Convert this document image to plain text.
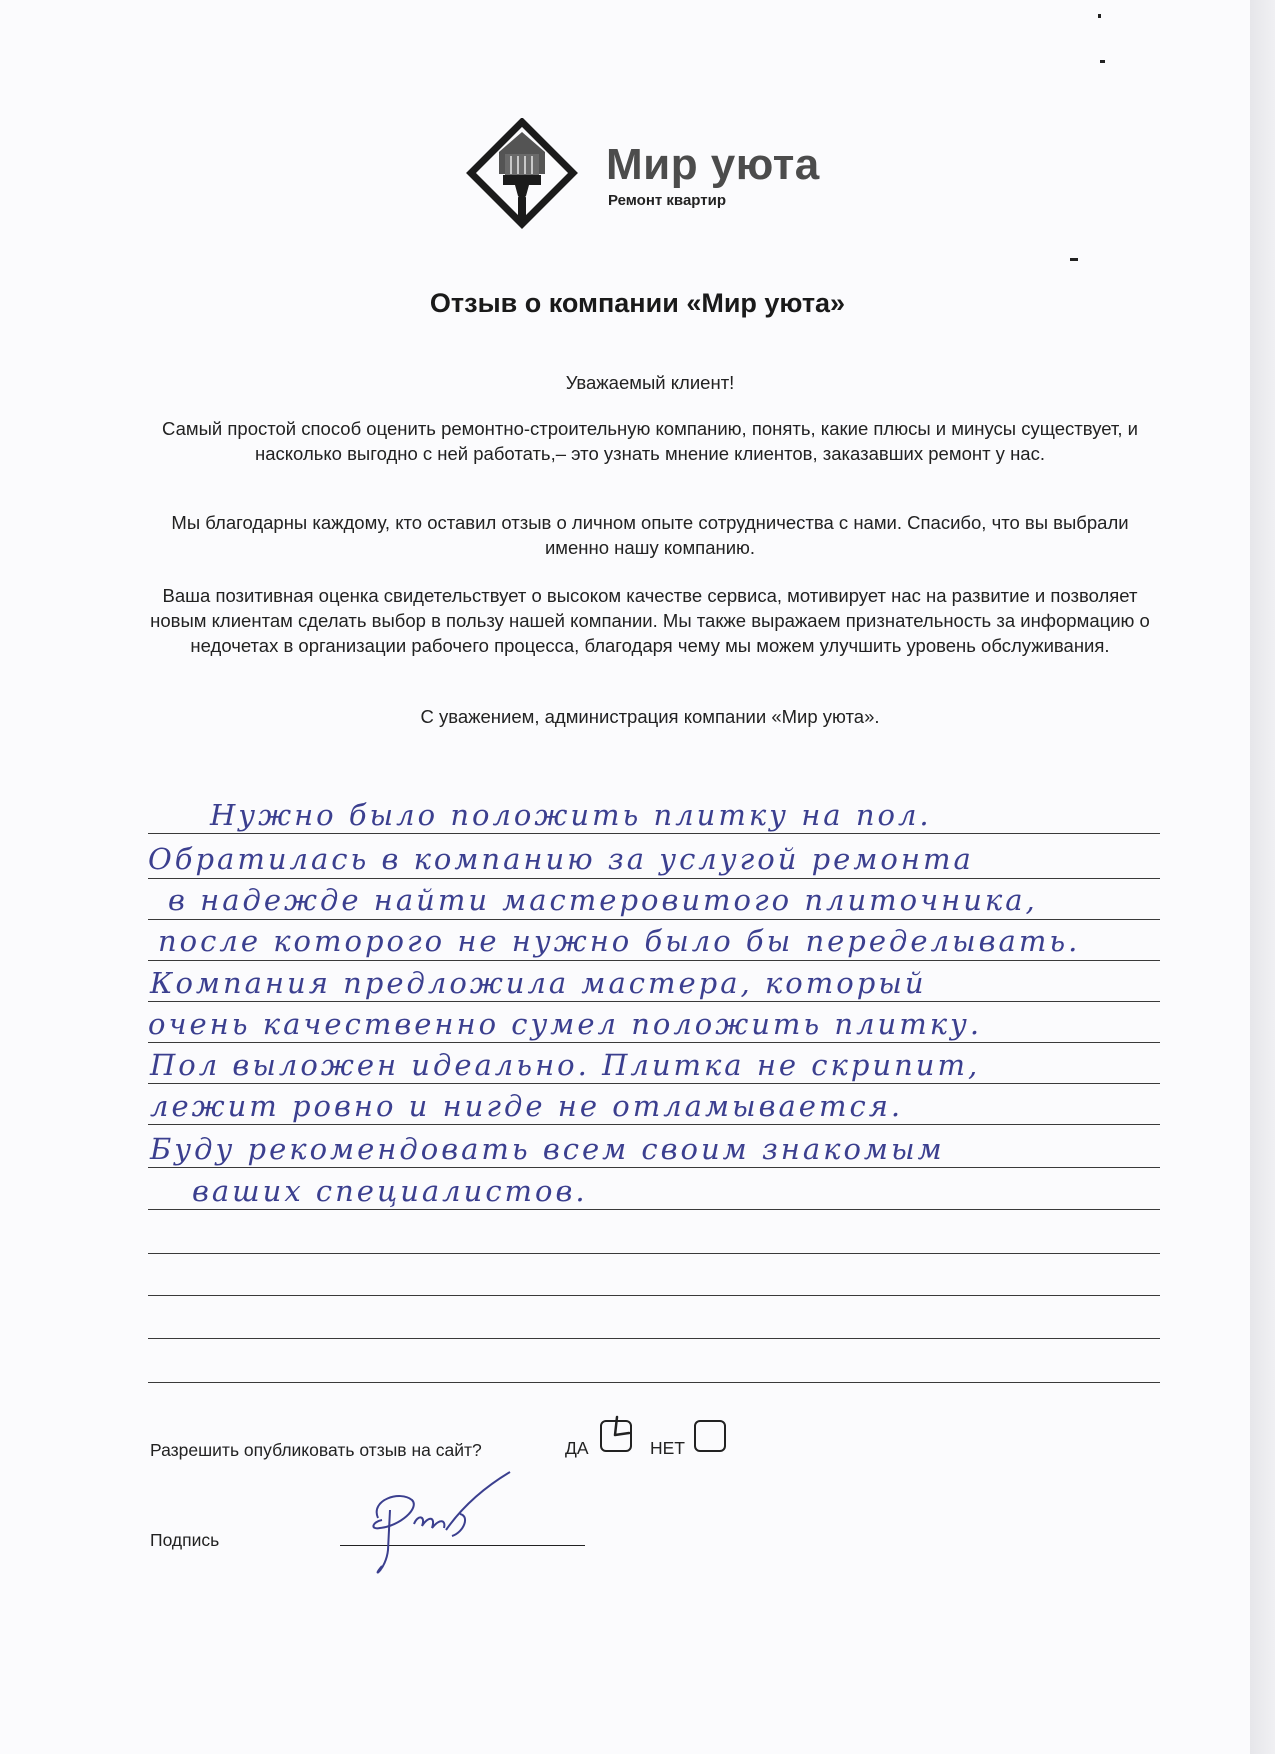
Мир уюта
Ремонт квартир
Отзыв о компании «Мир уюта»
Уважаемый клиент!
Самый простой способ оценить ремонтно-строительную компанию, понять, какие плюсы и минусы существует, и насколько выгодно с ней работать,– это узнать мнение клиентов, заказавших ремонт у нас.
Мы благодарны каждому, кто оставил отзыв о личном опыте сотрудничества с нами. Спасибо, что вы выбрали именно нашу компанию.
Ваша позитивная оценка свидетельствует о высоком качестве сервиса, мотивирует нас на развитие и позволяет новым клиентам сделать выбор в пользу нашей компании. Мы также выражаем признательность за информацию о недочетах в организации рабочего процесса, благодаря чему мы можем улучшить уровень обслуживания.
С уважением, администрация компании «Мир уюта».
Нужно было положить плитку на пол.
Обратилась в компанию за услугой ремонта
в надежде найти мастеровитого плиточника,
после которого не нужно было бы переделывать.
Компания предложила мастера, который
очень качественно сумел положить плитку.
Пол выложен идеально. Плитка не скрипит,
лежит ровно и нигде не отламывается.
Буду рекомендовать всем своим знакомым
ваших специалистов.
Разрешить опубликовать отзыв на сайт?	ДА	НЕТ
Подпись
